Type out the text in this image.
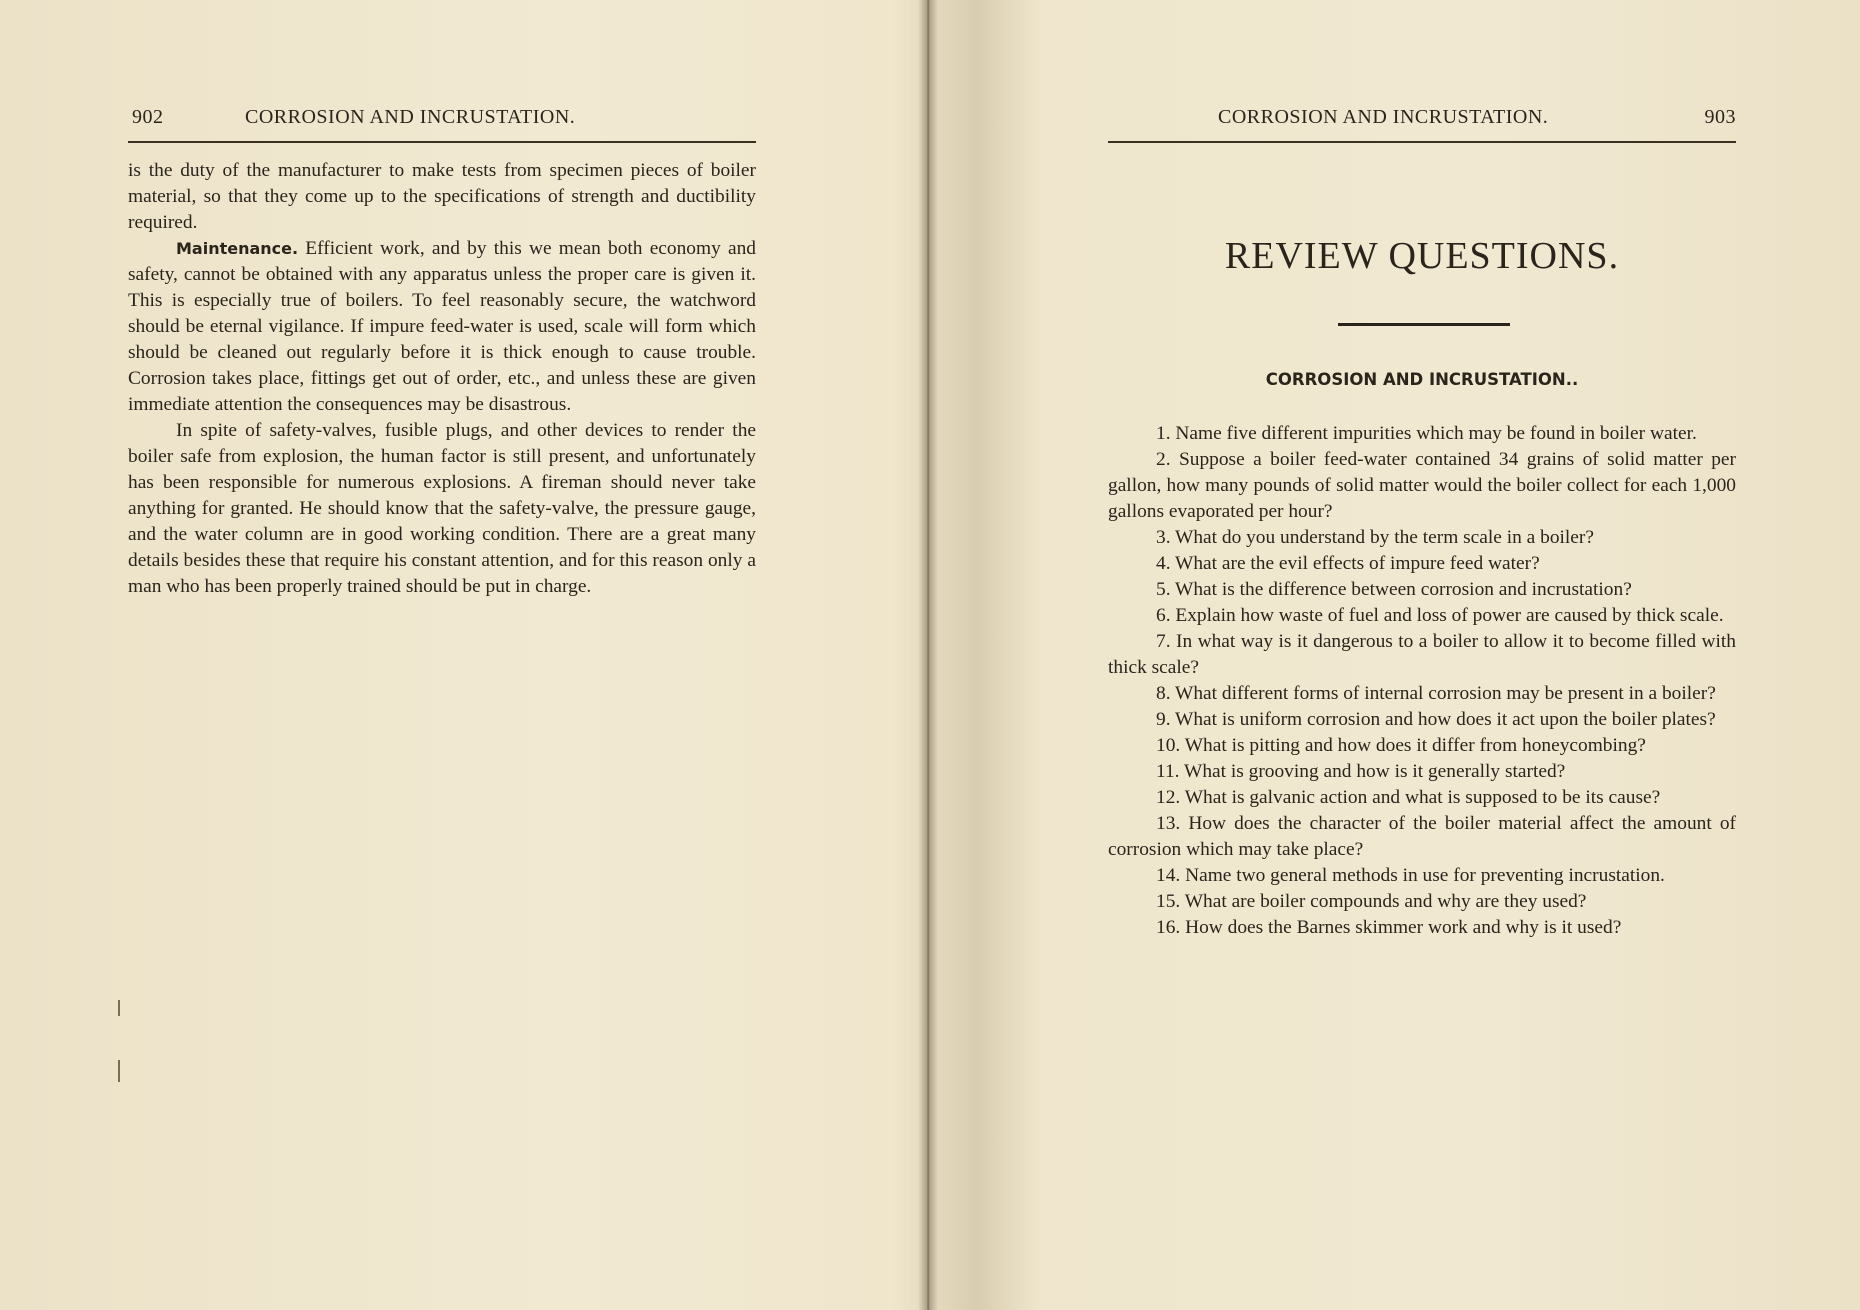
902	CORROSION AND INCRUSTATION.

is the duty of the manufacturer to make tests from specimen pieces of boiler material, so that they come up to the specifications of strength and ductibility required.

Maintenance. Efficient work, and by this we mean both economy and safety, cannot be obtained with any apparatus unless the proper care is given it. This is especially true of boilers. To feel reasonably secure, the watchword should be eternal vigilance. If impure feed-water is used, scale will form which should be cleaned out regularly before it is thick enough to cause trouble. Corrosion takes place, fittings get out of order, etc., and unless these are given immediate attention the consequences may be disastrous.

In spite of safety-valves, fusible plugs, and other devices to render the boiler safe from explosion, the human factor is still present, and unfortunately has been responsible for numerous explosions. A fireman should never take anything for granted. He should know that the safety-valve, the pressure gauge, and the water column are in good working condition. There are a great many details besides these that require his constant attention, and for this reason only a man who has been properly trained should be put in charge.

CORROSION AND INCRUSTATION.	903
REVIEW QUESTIONS.
CORROSION AND INCRUSTATION..
1. Name five different impurities which may be found in boiler water.
2. Suppose a boiler feed-water contained 34 grains of solid matter per gallon, how many pounds of solid matter would the boiler collect for each 1,000 gallons evaporated per hour?
3. What do you understand by the term scale in a boiler?
4. What are the evil effects of impure feed water?
5. What is the difference between corrosion and incrustation?
6. Explain how waste of fuel and loss of power are caused by thick scale.
7. In what way is it dangerous to a boiler to allow it to become filled with thick scale?
8. What different forms of internal corrosion may be present in a boiler?
9. What is uniform corrosion and how does it act upon the boiler plates?
10. What is pitting and how does it differ from honeycombing?
11. What is grooving and how is it generally started?
12. What is galvanic action and what is supposed to be its cause?
13. How does the character of the boiler material affect the amount of corrosion which may take place?
14. Name two general methods in use for preventing incrustation.
15. What are boiler compounds and why are they used?
16. How does the Barnes skimmer work and why is it used?
